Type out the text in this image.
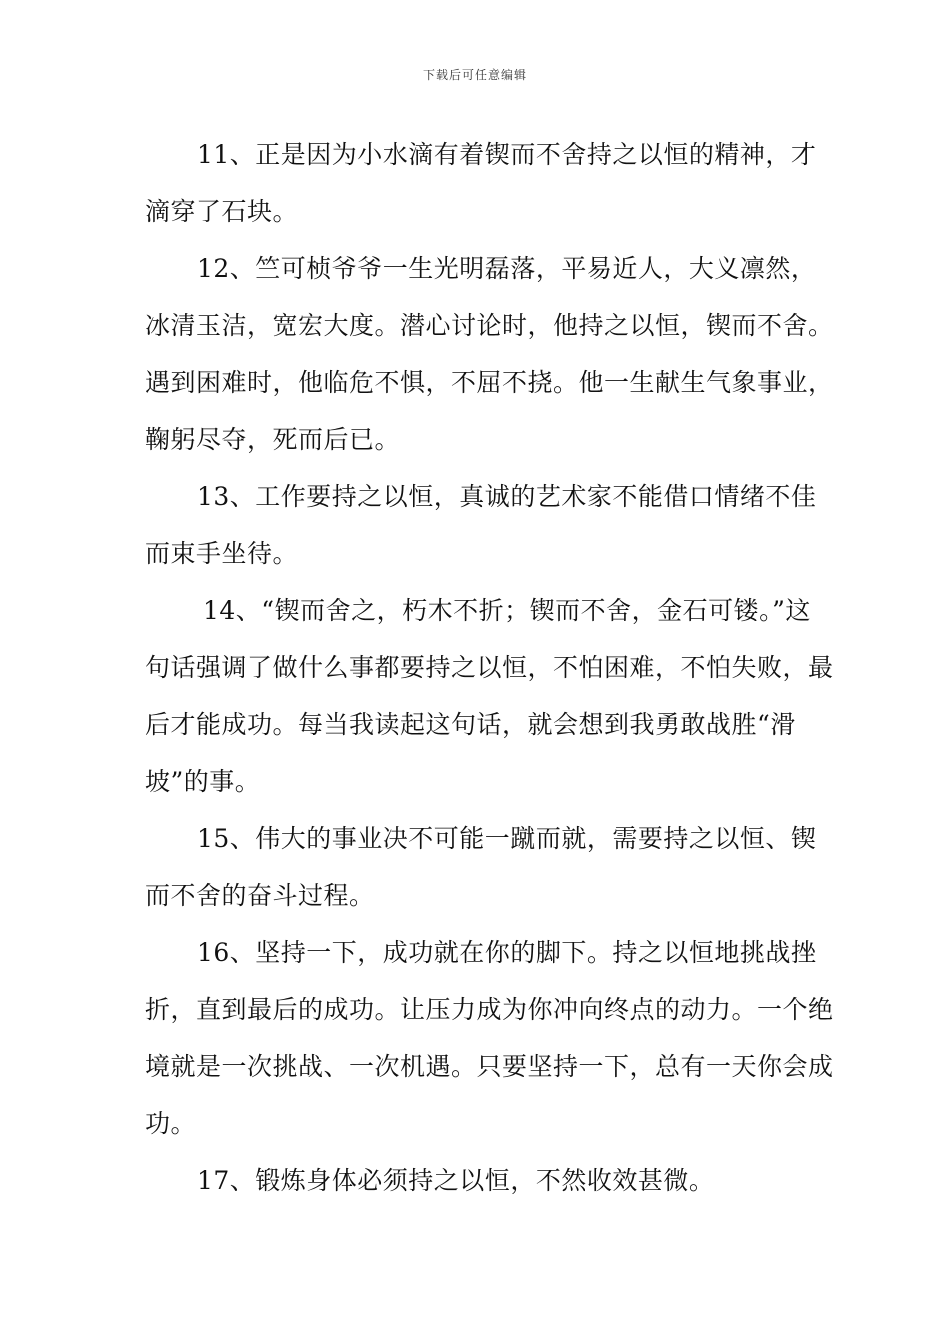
下载后可任意编辑

11、正是因为小水滴有着锲而不舍持之以恒的精神，才滴穿了石块。

12、竺可桢爷爷一生光明磊落，平易近人，大义凛然，冰清玉洁，宽宏大度。潜心讨论时，他持之以恒，锲而不舍。遇到困难时，他临危不惧，不屈不挠。他一生献生气象事业，鞠躬尽夺，死而后已。

13、工作要持之以恒，真诚的艺术家不能借口情绪不佳而束手坐待。

14、“锲而舍之，朽木不折；锲而不舍，金石可镂。”这句话强调了做什么事都要持之以恒，不怕困难，不怕失败，最后才能成功。每当我读起这句话，就会想到我勇敢战胜“滑坡”的事。

15、伟大的事业决不可能一蹴而就，需要持之以恒、锲而不舍的奋斗过程。

16、坚持一下，成功就在你的脚下。持之以恒地挑战挫折，直到最后的成功。让压力成为你冲向终点的动力。一个绝境就是一次挑战、一次机遇。只要坚持一下，总有一天你会成功。

17、锻炼身体必须持之以恒，不然收效甚微。
